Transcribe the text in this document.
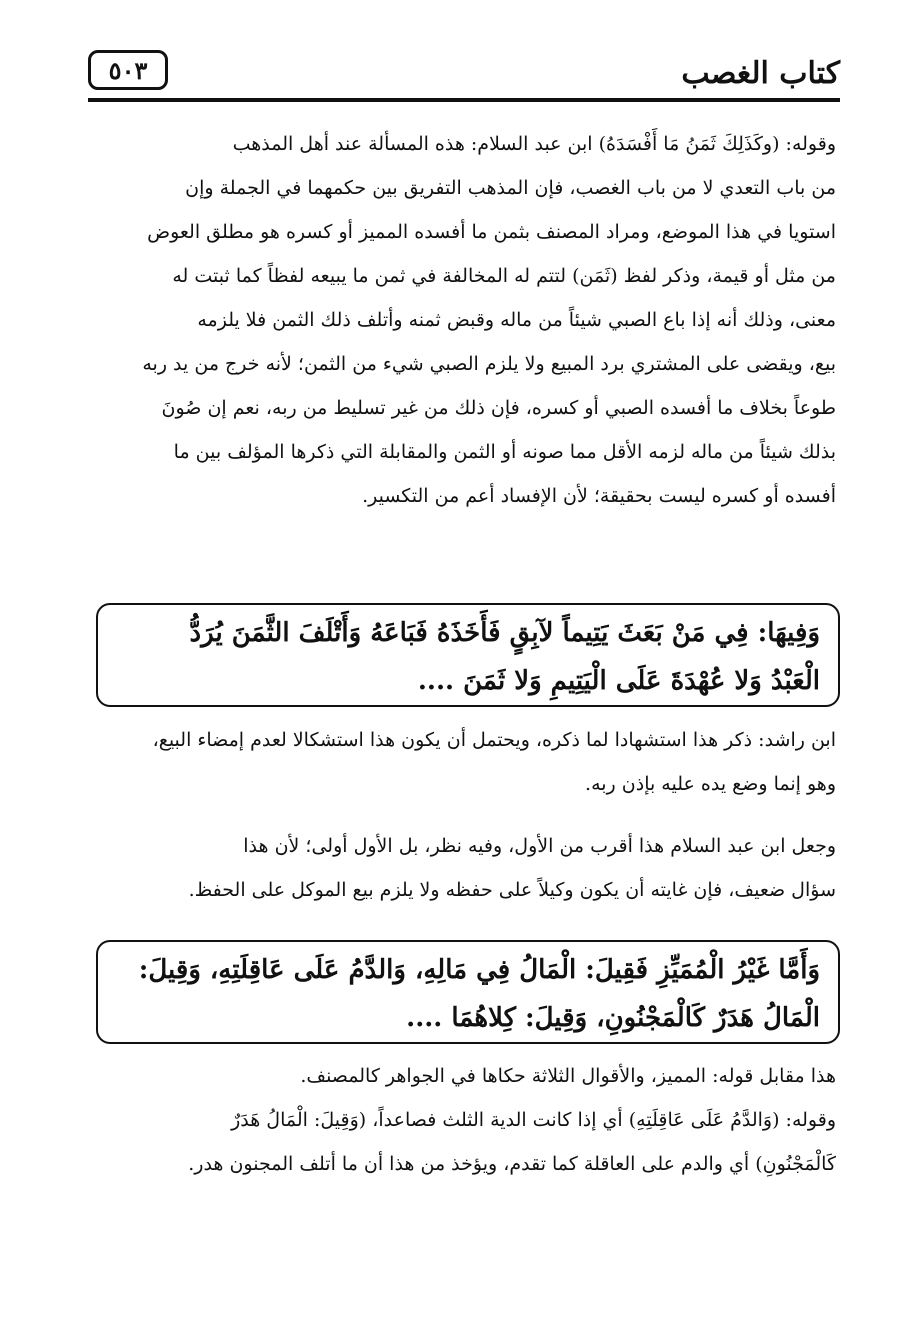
كتاب الغصب
٥٠٣
وقوله: (وكَذَلِكَ ثَمَنُ مَا أَفْسَدَهُ) ابن عبد السلام: هذه المسألة عند أهل المذهب
من باب التعدي لا من باب الغصب، فإن المذهب التفريق بين حكمهما في الجملة وإن
استويا في هذا الموضع، ومراد المصنف بثمن ما أفسده المميز أو كسره هو مطلق العوض
من مثل أو قيمة، وذكر لفظ (ثَمَن) لتتم له المخالفة في ثمن ما يبيعه لفظاً كما ثبتت له
معنى، وذلك أنه إذا باع الصبي شيئاً من ماله وقبض ثمنه وأتلف ذلك الثمن فلا يلزمه
بيع، ويقضى على المشتري برد المبيع ولا يلزم الصبي شيء من الثمن؛ لأنه خرج من يد ربه
طوعاً بخلاف ما أفسده الصبي أو كسره، فإن ذلك من غير تسليط من ربه، نعم إن صُونَ
بذلك شيئاً من ماله لزمه الأقل مما صونه أو الثمن والمقابلة التي ذكرها المؤلف بين ما
أفسده أو كسره ليست بحقيقة؛ لأن الإفساد أعم من التكسير.
وَفِيهَا: فِي مَنْ بَعَثَ يَتِيماً لآبِقٍ فَأَخَذَهُ فَبَاعَهُ وَأَتْلَفَ الثَّمَنَ يُرَدُّ
الْعَبْدُ وَلا عُهْدَةَ عَلَى الْيَتِيمِ وَلا ثَمَنَ ....
ابن راشد: ذكر هذا استشهادا لما ذكره، ويحتمل أن يكون هذا استشكالا لعدم إمضاء البيع،
وهو إنما وضع يده عليه بإذن ربه.
وجعل ابن عبد السلام هذا أقرب من الأول، وفيه نظر، بل الأول أولى؛ لأن هذا
سؤال ضعيف، فإن غايته أن يكون وكيلاً على حفظه ولا يلزم بيع الموكل على الحفظ.
وَأَمَّا غَيْرُ الْمُمَيِّزِ فَقِيلَ: الْمَالُ فِي مَالِهِ، وَالدَّمُ عَلَى عَاقِلَتِهِ، وَقِيلَ:
الْمَالُ هَدَرٌ كَالْمَجْنُونِ، وَقِيلَ: كِلاهُمَا ....
هذا مقابل قوله: المميز، والأقوال الثلاثة حكاها في الجواهر كالمصنف.
وقوله: (وَالدَّمُ عَلَى عَاقِلَتِهِ) أي إذا كانت الدية الثلث فصاعداً، (وَقِيلَ: الْمَالُ هَدَرٌ
كَالْمَجْنُونِ) أي والدم على العاقلة كما تقدم، ويؤخذ من هذا أن ما أتلف المجنون هدر.
